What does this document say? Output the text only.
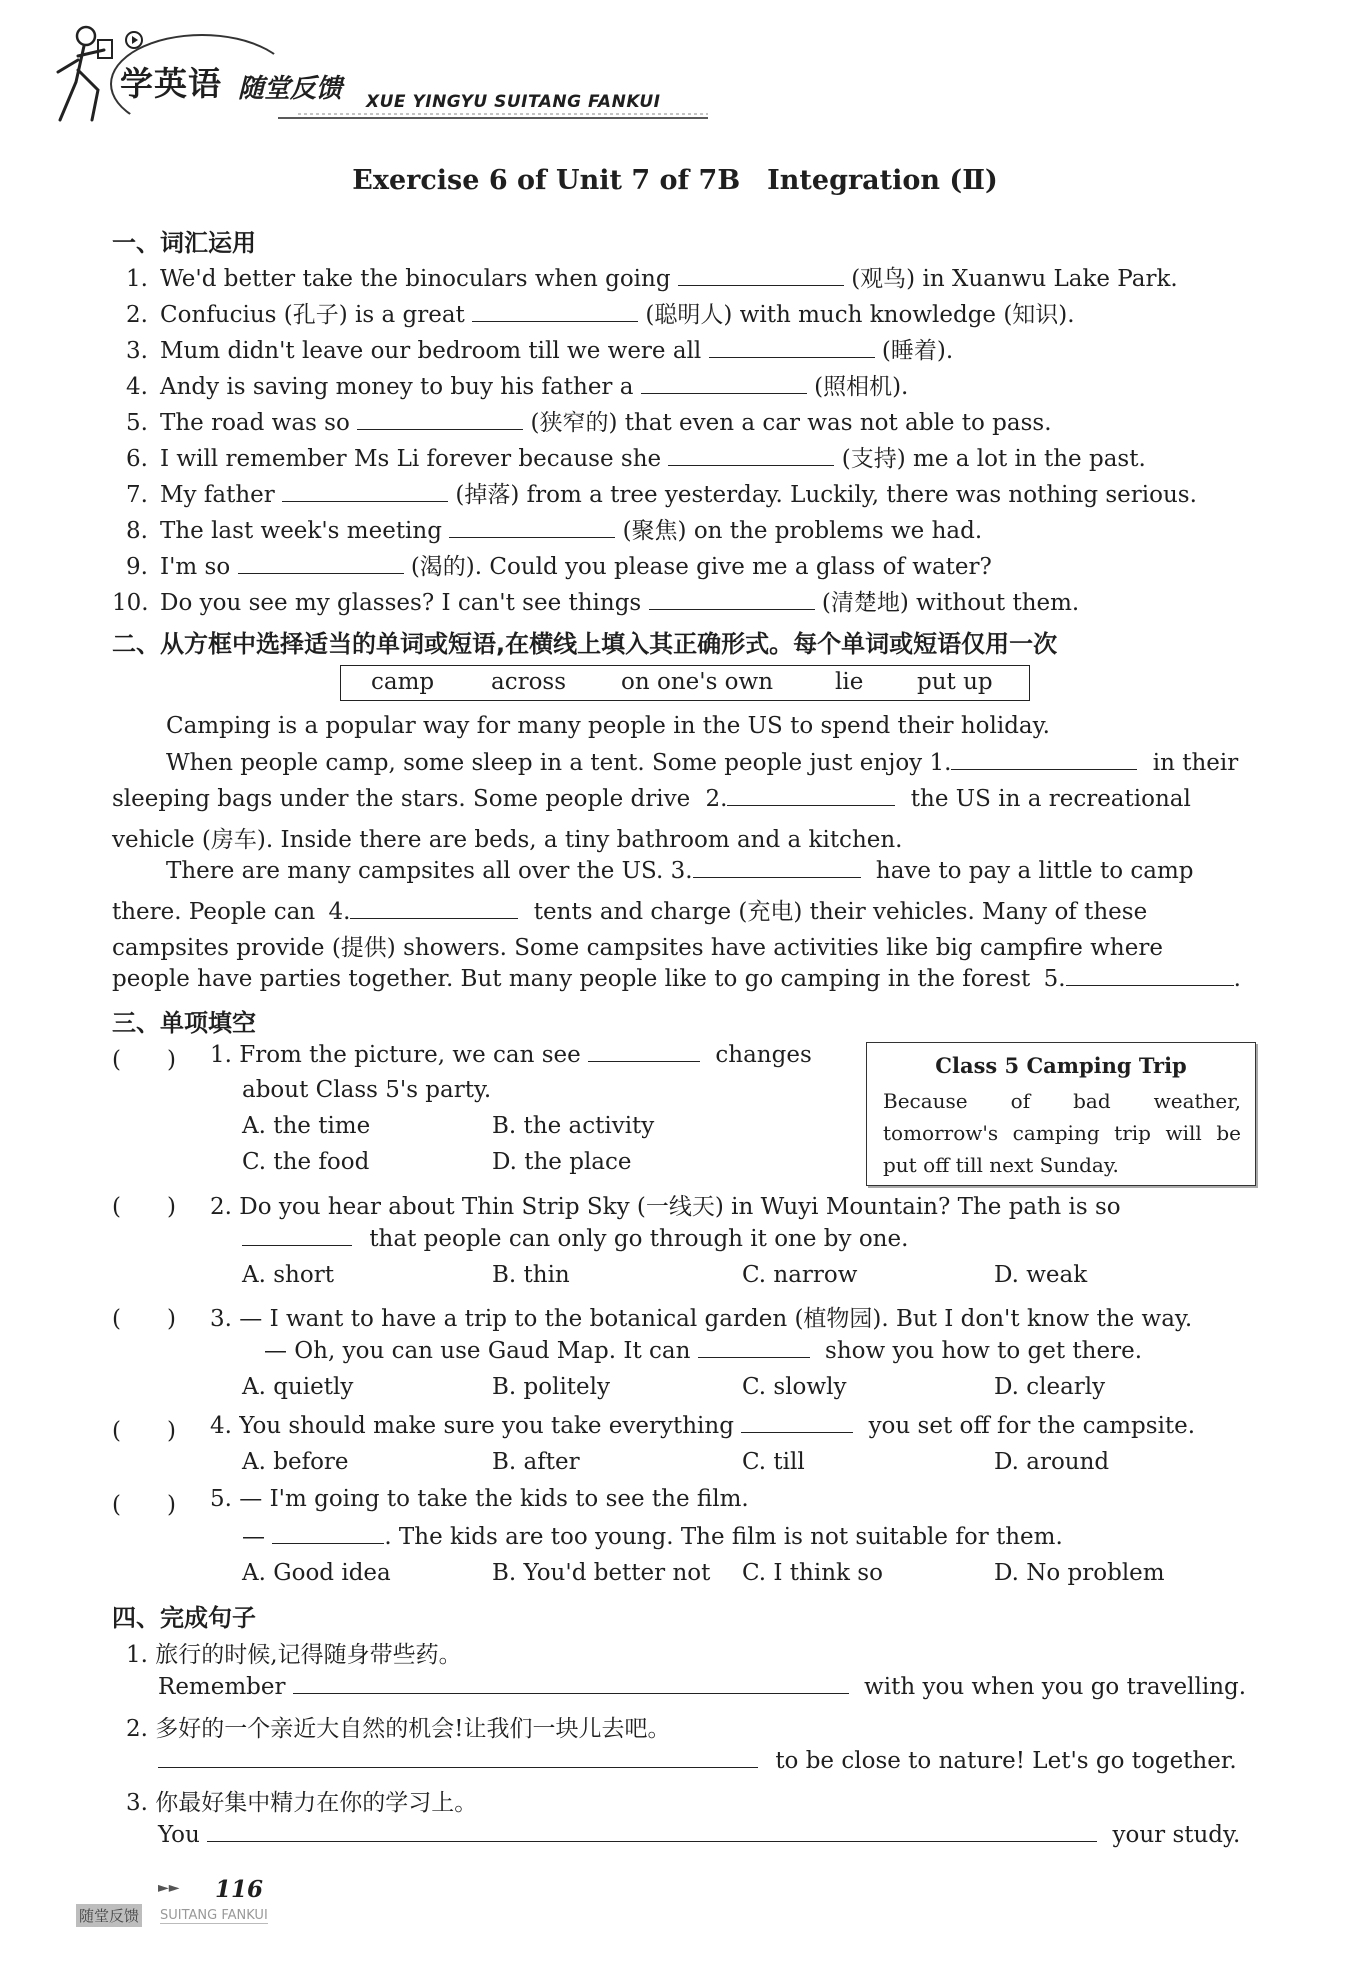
学英语 随堂反馈 XUE YINGYU SUITANG FANKUI
Exercise 6 of Unit 7 of 7B　Integration (Ⅱ)
一、词汇运用
1. We'd better take the binoculars when going	(观鸟) in Xuanwu Lake Park.
2. Confucius (孔子) is a great	(聪明人) with much knowledge (知识).
3. Mum didn't leave our bedroom till we were all	(睡着).
4. Andy is saving money to buy his father a	(照相机).
5. The road was so	(狭窄的) that even a car was not able to pass.
6. I will remember Ms Li forever because she	(支持) me a lot in the past.
7. My father	(掉落) from a tree yesterday. Luckily, there was nothing serious.
8. The last week's meeting	(聚焦) on the problems we had.
9. I'm so	(渴的). Could you please give me a glass of water?
10. Do you see my glasses? I can't see things	(清楚地) without them.
二、从方框中选择适当的单词或短语,在横线上填入其正确形式。每个单词或短语仅用一次
camp across on one's own	lie put up
Camping is a popular way for many people in the US to spend their holiday.
When people camp, some sleep in a tent. Some people just enjoy 1.	in their
sleeping bags under the stars. Some people drive 2.	the US in a recreational
vehicle (房车). Inside there are beds, a tiny bathroom and a kitchen.
There are many campsites all over the US. 3.	have to pay a little to camp
there. People can 4.	tents and charge (充电) their vehicles. Many of these
campsites provide (提供) showers. Some campsites have activities like big campfire where
people have parties together. But many people like to go camping in the forest 5.	.
三、单项填空
(　　) 1. From the picture, we can see	changes
about Class 5's party.
A. the time	B. the activity
C. the food	D. the place
Class 5 Camping Trip
Because of bad weather, tomorrow's camping trip will be put off till next Sunday.
(　　) 2. Do you hear about Thin Strip Sky (一线天) in Wuyi Mountain? The path is so
that people can only go through it one by one.
A. short	B. thin	C. narrow	D. weak
(　　) 3. — I want to have a trip to the botanical garden (植物园). But I don't know the way.
— Oh, you can use Gaud Map. It can	show you how to get there.
A. quietly	B. politely	C. slowly	D. clearly
(　　) 4. You should make sure you take everything	you set off for the campsite.
A. before	B. after	C. till	D. around
(　　) 5. — I'm going to take the kids to see the film.
—	. The kids are too young. The film is not suitable for them.
A. Good idea	B. You'd better not C. I think so	D. No problem
四、完成句子
1. 旅行的时候,记得随身带些药。
Remember	with you when you go travelling.
2. 多好的一个亲近大自然的机会!让我们一块儿去吧。
to be close to nature! Let's go together.
3. 你最好集中精力在你的学习上。
You	your study.
►► 116
随堂反馈 SUITANG FANKUI
